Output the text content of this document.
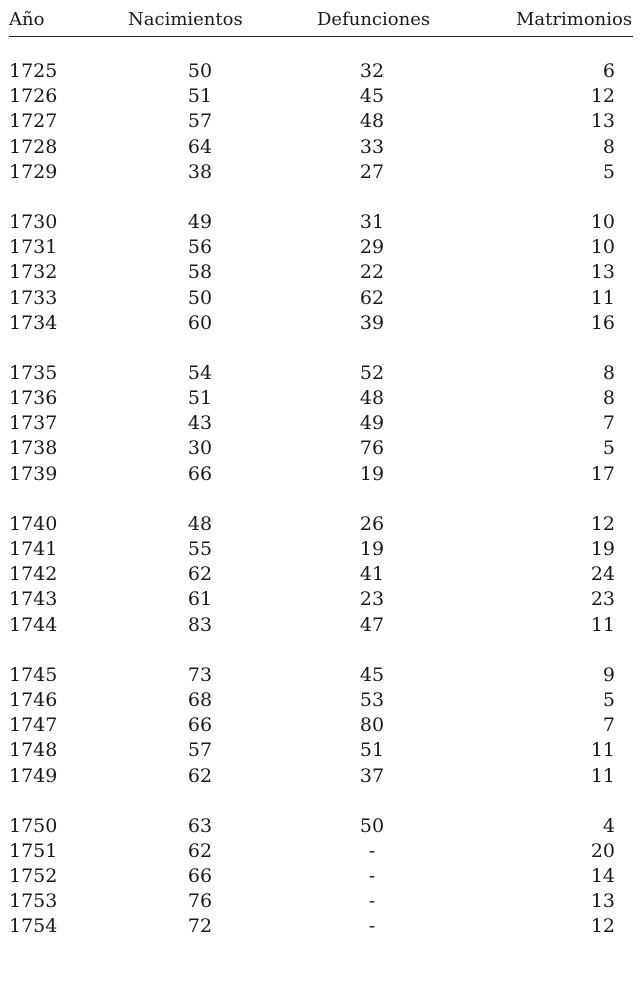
Año	Nacimientos	Defunciones	Matrimonios
1725	50	32	6
1726	51	45	12
1727	57	48	13
1728	64	33	8
1729	38	27	5
1730	49	31	10
1731	56	29	10
1732	58	22	13
1733	50	62	11
1734	60	39	16
1735	54	52	8
1736	51	48	8
1737	43	49	7
1738	30	76	5
1739	66	19	17
1740	48	26	12
1741	55	19	19
1742	62	41	24
1743	61	23	23
1744	83	47	11
1745	73	45	9
1746	68	53	5
1747	66	80	7
1748	57	51	11
1749	62	37	11
1750	63	50	4
1751	62	-	20
1752	66	-	14
1753	76	-	13
1754	72	-	12
